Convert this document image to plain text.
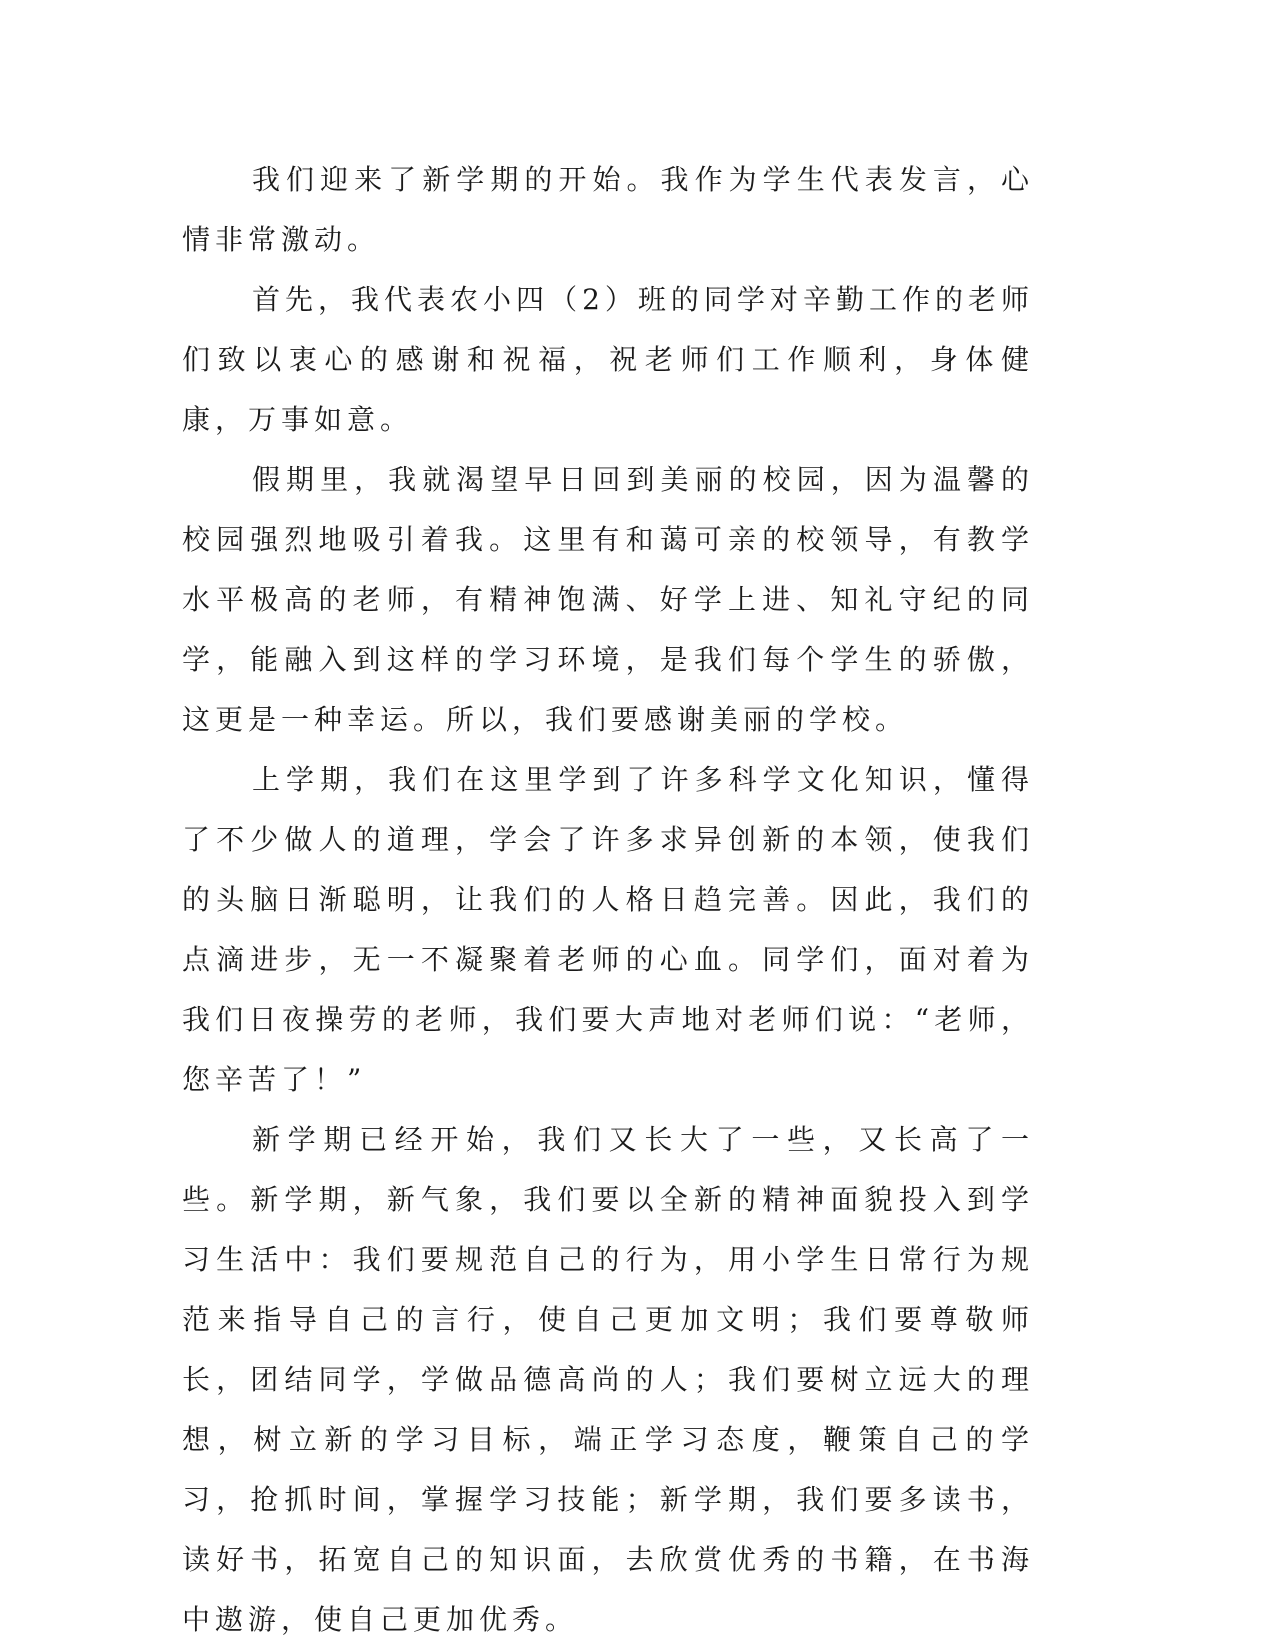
我们迎来了新学期的开始。我作为学生代表发言，心情非常激动。

首先，我代表农小四（2）班的同学对辛勤工作的老师们致以衷心的感谢和祝福，祝老师们工作顺利，身体健康，万事如意。

假期里，我就渴望早日回到美丽的校园，因为温馨的校园强烈地吸引着我。这里有和蔼可亲的校领导，有教学水平极高的老师，有精神饱满、好学上进、知礼守纪的同学，能融入到这样的学习环境，是我们每个学生的骄傲，这更是一种幸运。所以，我们要感谢美丽的学校。

上学期，我们在这里学到了许多科学文化知识，懂得了不少做人的道理，学会了许多求异创新的本领，使我们的头脑日渐聪明，让我们的人格日趋完善。因此，我们的点滴进步，无一不凝聚着老师的心血。同学们，面对着为我们日夜操劳的老师，我们要大声地对老师们说：“老师，您辛苦了！”

新学期已经开始，我们又长大了一些，又长高了一些。新学期，新气象，我们要以全新的精神面貌投入到学习生活中：我们要规范自己的行为，用小学生日常行为规范来指导自己的言行，使自己更加文明；我们要尊敬师长，团结同学，学做品德高尚的人；我们要树立远大的理想，树立新的学习目标，端正学习态度，鞭策自己的学习，抢抓时间，掌握学习技能；新学期，我们要多读书，读好书，拓宽自己的知识面，去欣赏优秀的书籍，在书海中遨游，使自己更加优秀。
